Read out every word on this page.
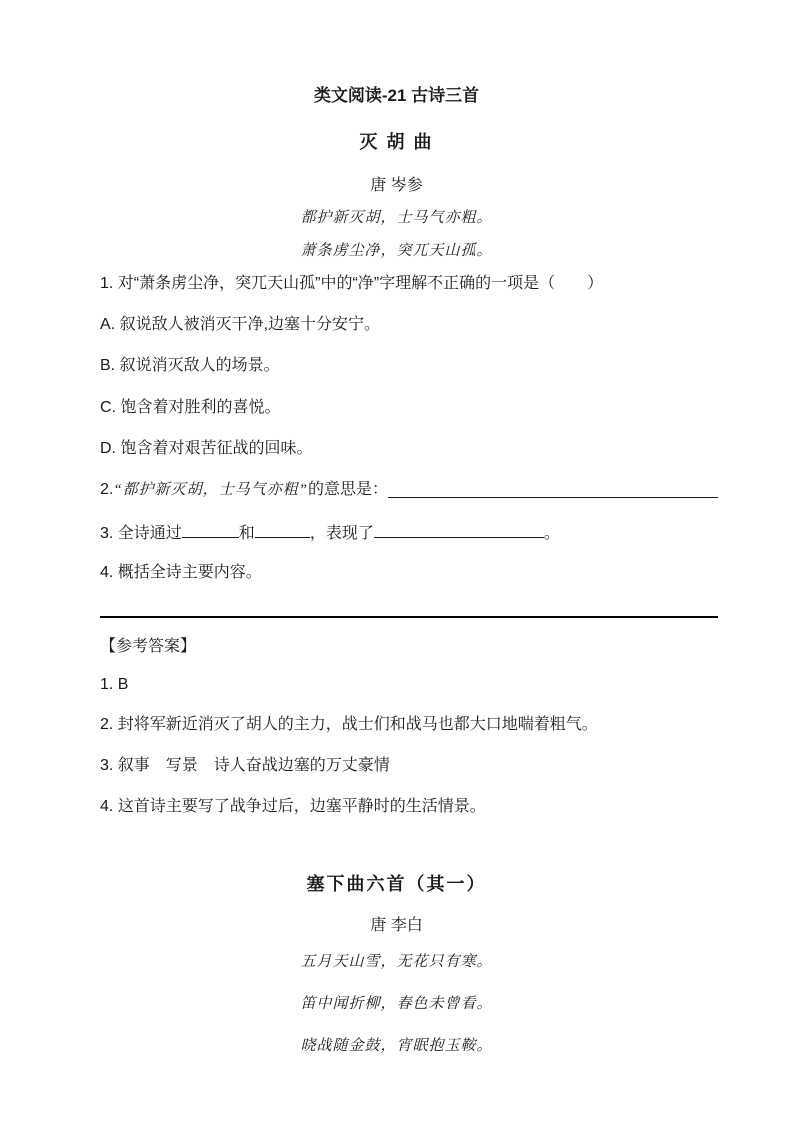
类文阅读-21 古诗三首
灭 胡 曲
唐 岑参
都护新灭胡，士马气亦粗。
萧条虏尘净，突兀天山孤。
1. 对“萧条虏尘净，突兀天山孤”中的“净”字理解不正确的一项是（　　）
A. 叙说敌人被消灭干净,边塞十分安宁。
B. 叙说消灭敌人的场景。
C. 饱含着对胜利的喜悦。
D. 饱含着对艰苦征战的回味。
2. “都护新灭胡，士马气亦粗” 的意思是：
3. 全诗通过	和	，表现了	。
4. 概括全诗主要内容。
【参考答案】
1. B
2. 封将军新近消灭了胡人的主力，战士们和战马也都大口地喘着粗气。
3. 叙事　写景　诗人奋战边塞的万丈豪情
4. 这首诗主要写了战争过后，边塞平静时的生活情景。
塞下曲六首（其一）
唐 李白
五月天山雪，无花只有寒。
笛中闻折柳，春色未曾看。
晓战随金鼓，宵眠抱玉鞍。
